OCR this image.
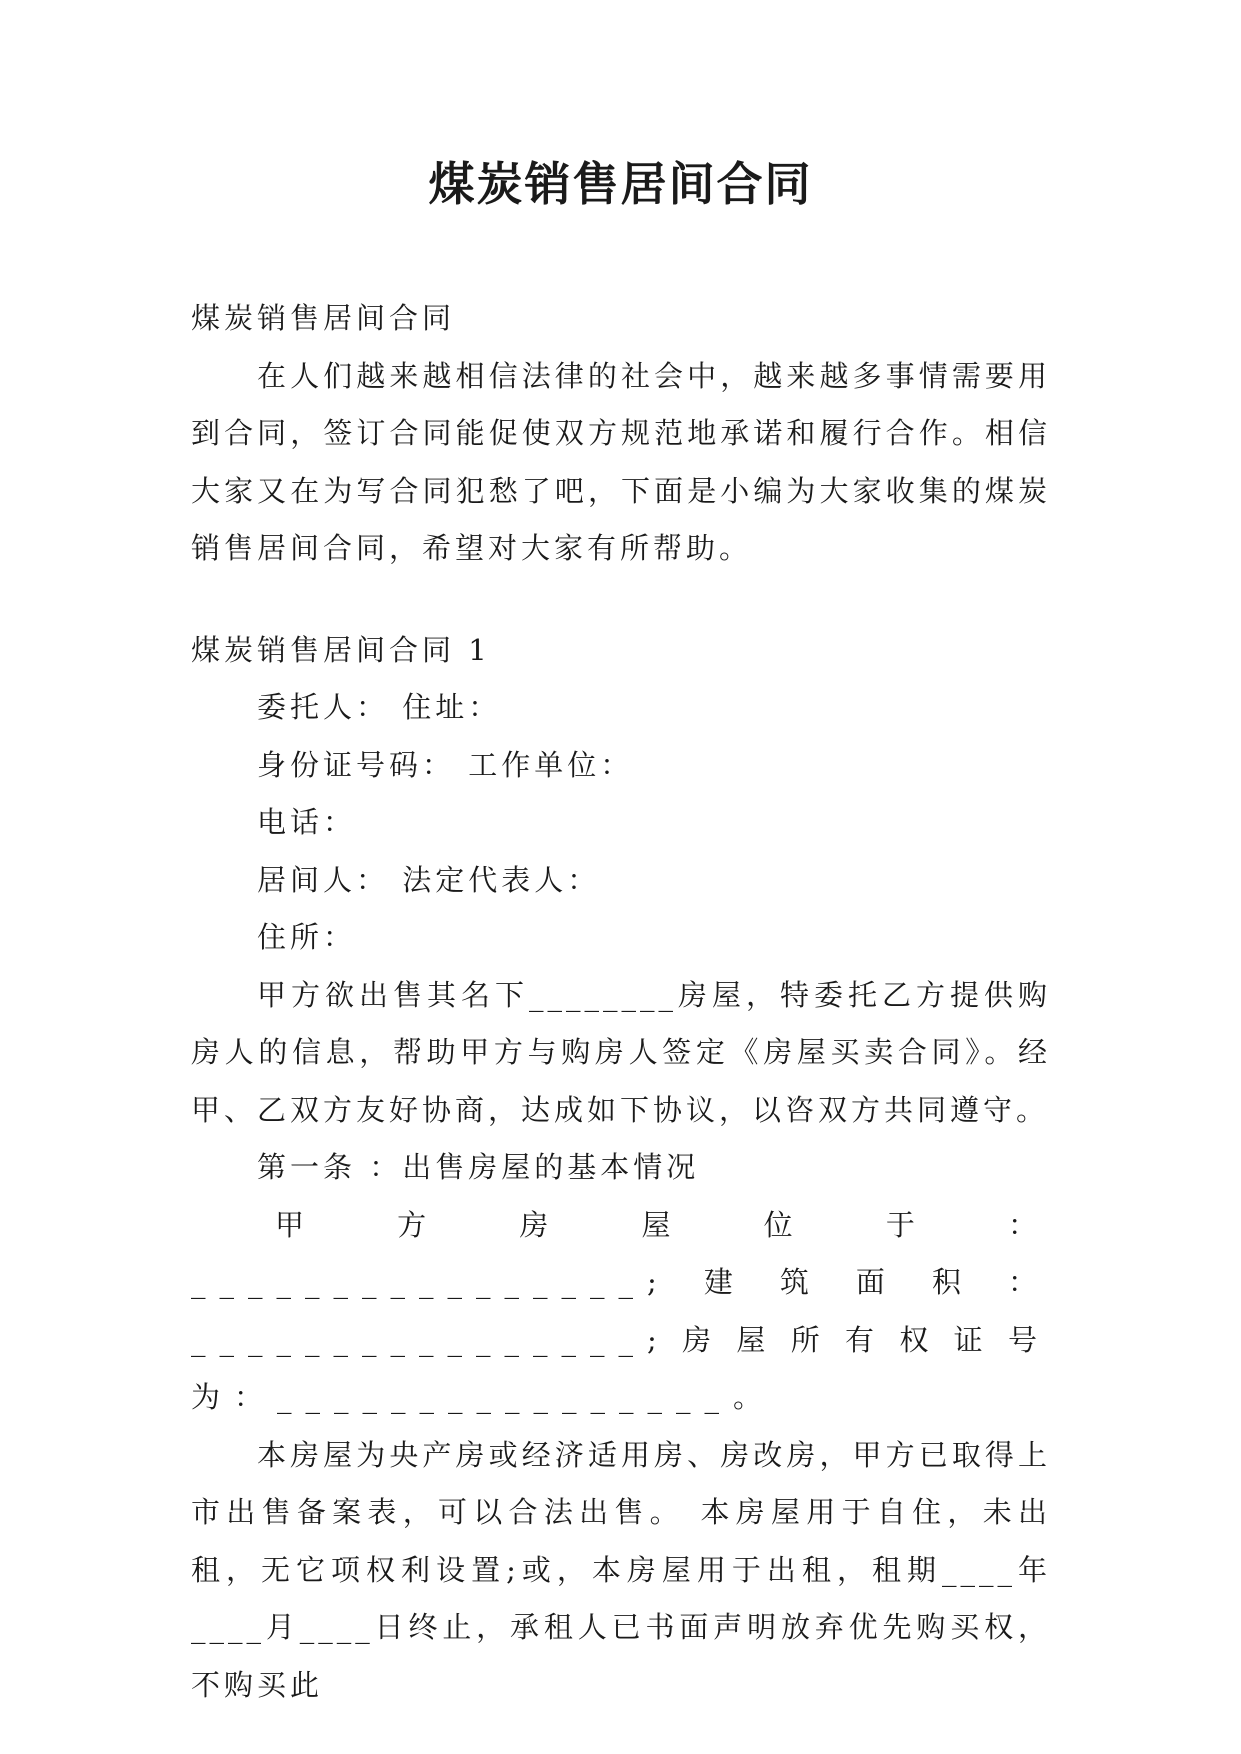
煤炭销售居间合同

煤炭销售居间合同

在人们越来越相信法律的社会中，越来越多事情需要用到合同，签订合同能促使双方规范地承诺和履行合作。相信大家又在为写合同犯愁了吧，下面是小编为大家收集的煤炭销售居间合同，希望对大家有所帮助。

煤炭销售居间合同 1

委托人： 住址：

身份证号码： 工作单位：

电话：

居间人： 法定代表人：

住所：

甲方欲出售其名下________房屋，特委托乙方提供购房人的信息，帮助甲方与购房人签定《房屋买卖合同》。经甲、乙双方友好协商，达成如下协议，以咨双方共同遵守。

第一条 ：出售房屋的基本情况

甲方房屋位于：________________;建筑面积：________________;房屋所有权证号为：________________。

本房屋为央产房或经济适用房、房改房，甲方已取得上市出售备案表，可以合法出售。 本房屋用于自住，未出租，无它项权利设置;或，本房屋用于出租，租期____年____月____日终止，承租人已书面声明放弃优先购买权，不购买此
